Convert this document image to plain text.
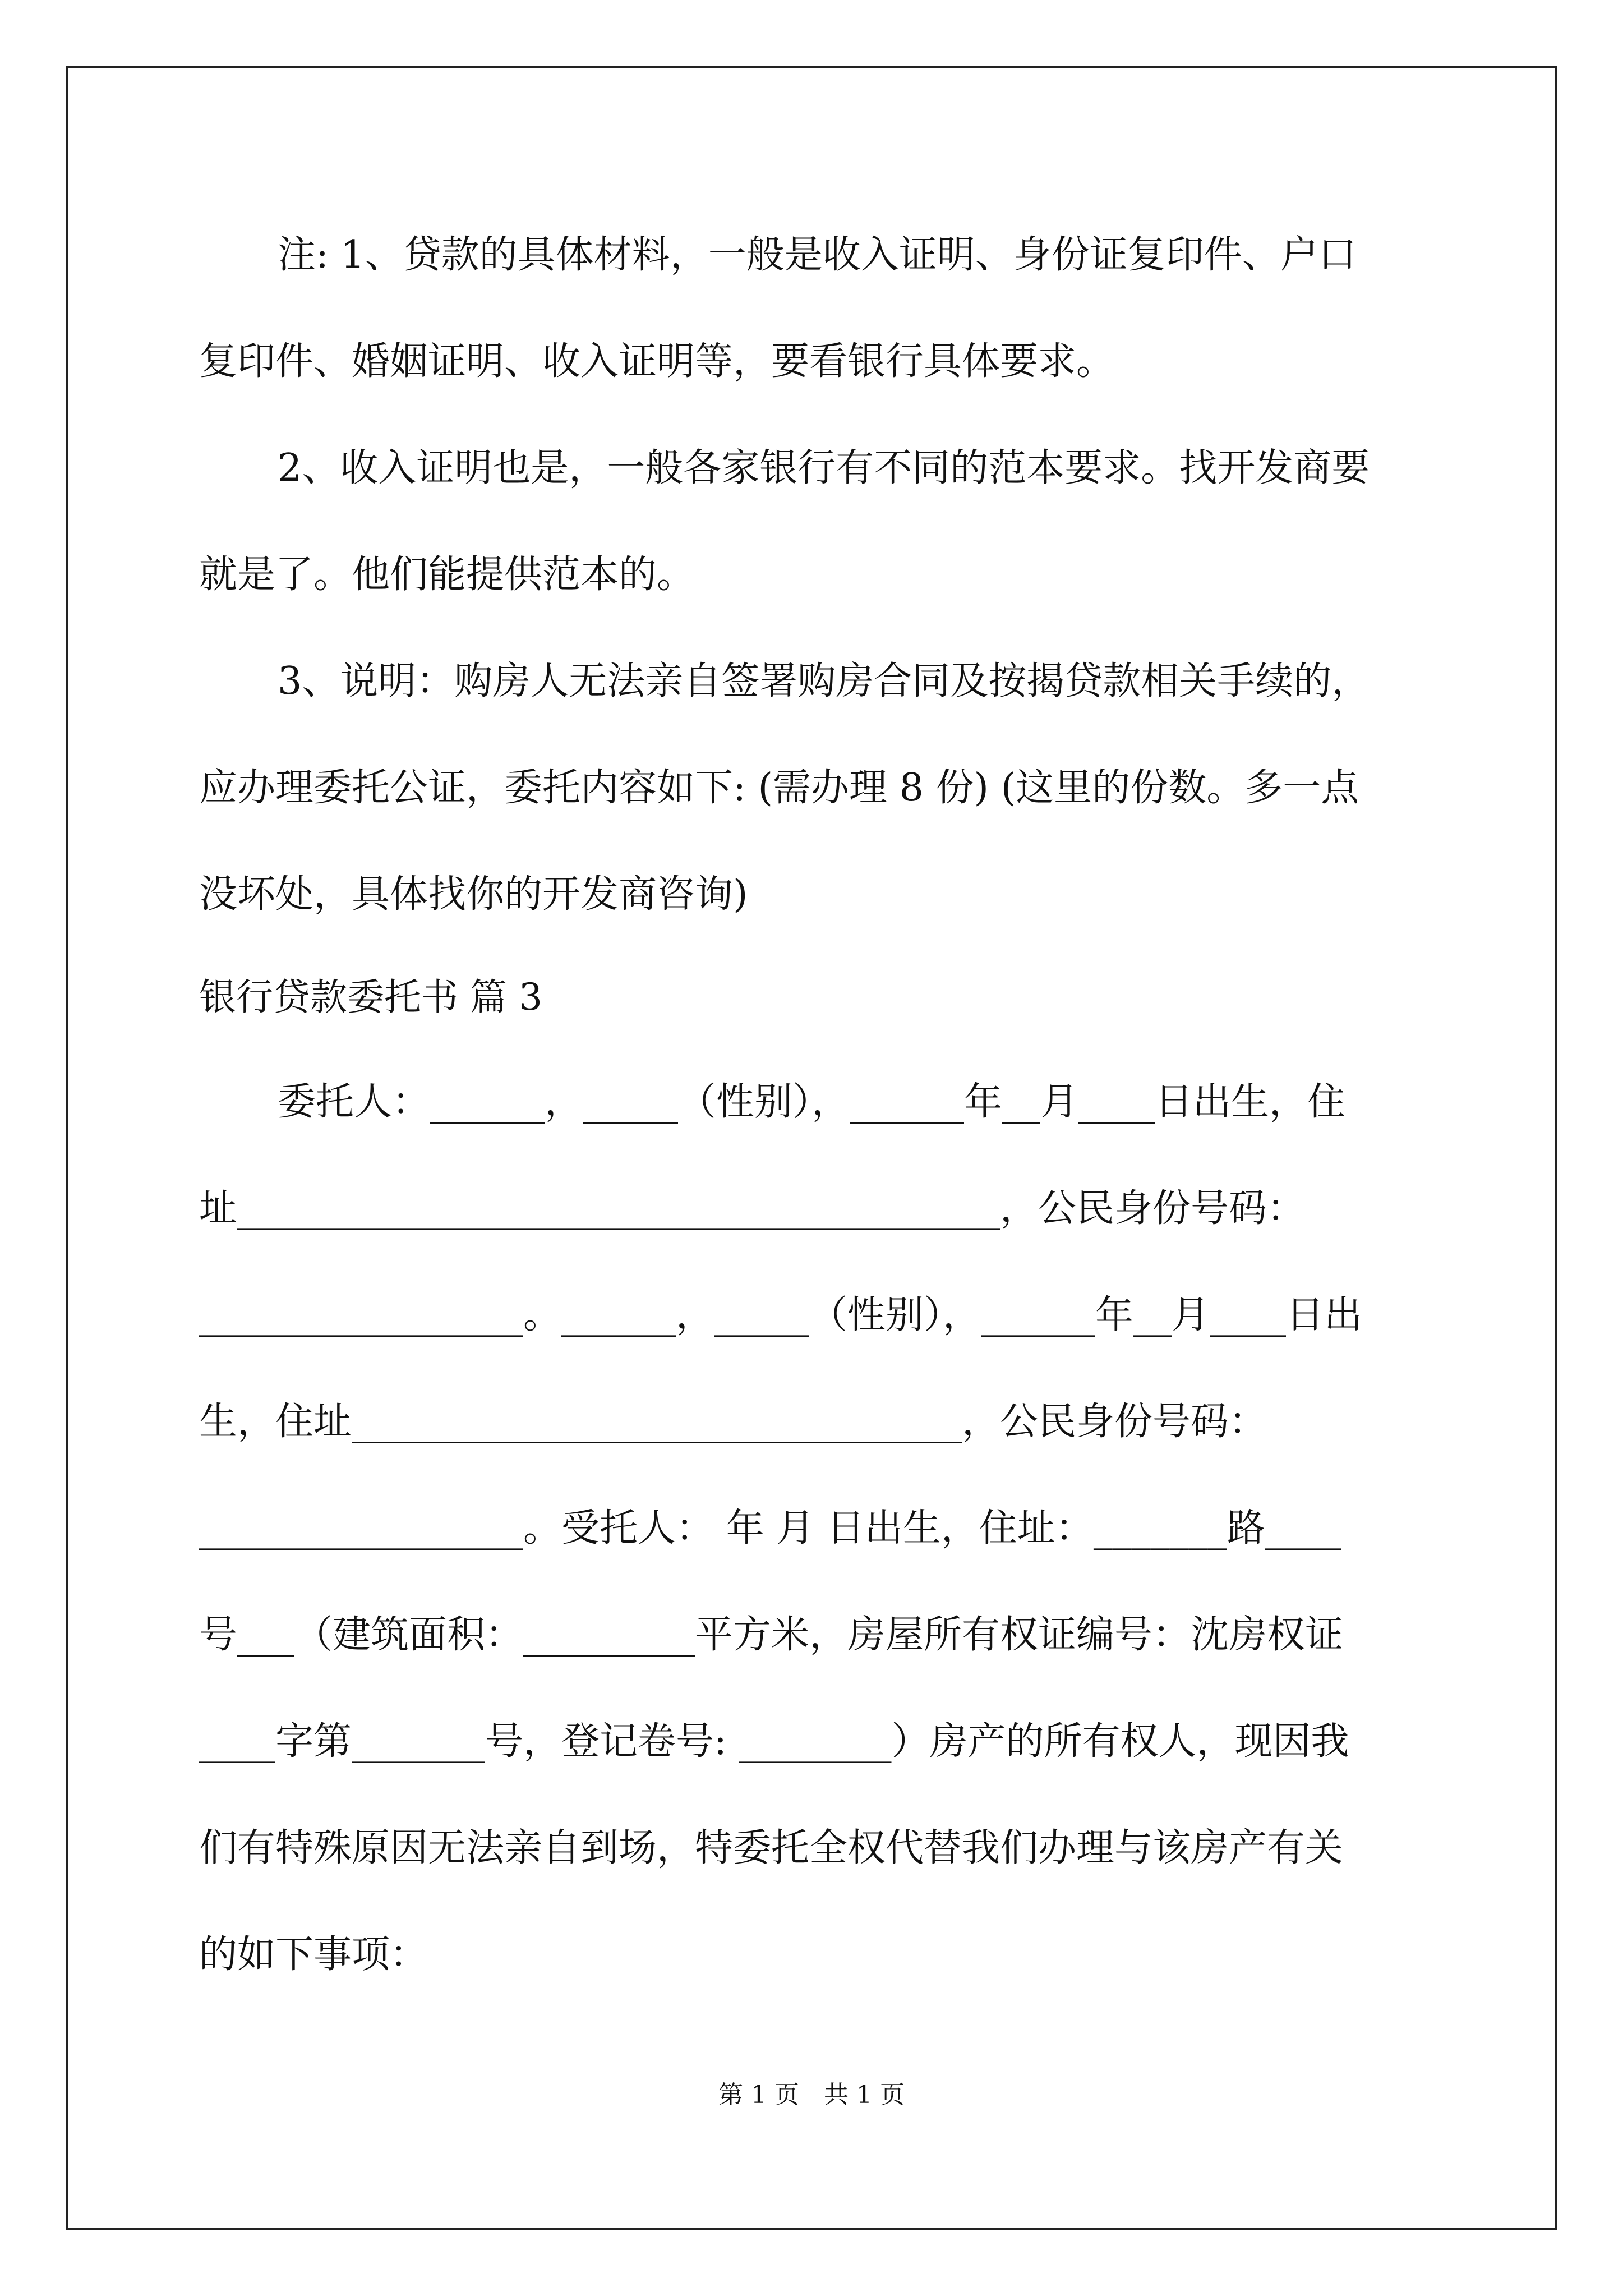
注: 1、贷款的具体材料，一般是收入证明、身份证复印件、户口
复印件、婚姻证明、收入证明等，要看银行具体要求。
2、收入证明也是，一般各家银行有不同的范本要求。找开发商要
就是了。他们能提供范本的。
3、说明：购房人无法亲自签署购房合同及按揭贷款相关手续的，
应办理委托公证，委托内容如下: (需办理 8 份) (这里的份数。多一点
没坏处，具体找你的开发商咨询)
银行贷款委托书 篇 3
委托人：______，_____（性别），______年__月____日出生，住
址________________________________________，公民身份号码：
_________________。______，_____（性别），______年__月____日出
生，住址________________________________，公民身份号码：
_________________。受托人： 年 月 日出生，住址：_______路____
号___（建筑面积：_________平方米，房屋所有权证编号：沈房权证
____字第_______号，登记卷号: ________）房产的所有权人，现因我
们有特殊原因无法亲自到场，特委托全权代替我们办理与该房产有关
的如下事项：
第 1 页　共 1 页
